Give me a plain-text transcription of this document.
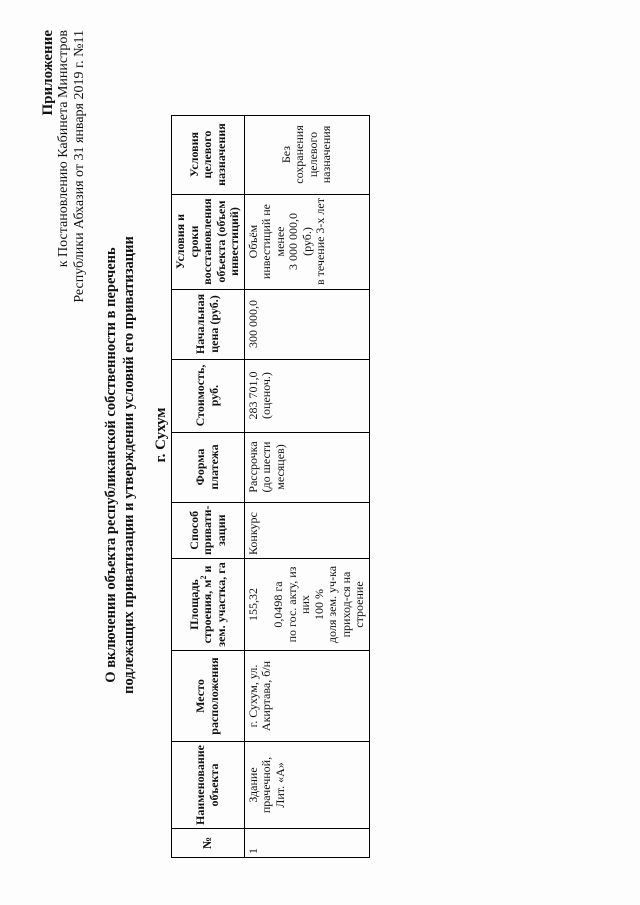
Приложение к Постановлению Кабинета Министров Республики Абхазия от 31 января 2019 г. №11
О включении объекта республиканской собственности в перечень подлежащих приватизации и утверждении условий его приватизации г. Сухум
№	Наименование объекта	Место расположения	Площадь строения, $м^2$ и зем. участка, га	Способ привати-зации	Форма платежа	Стоимость, руб.	Начальная цена (руб.)	Условия и сроки восстановления объекта (объем инвестиций)	Условия целевого назначения
1	Здание прачечной, Лит. «А»	г. Сухум, ул. Акиртава, б/н	155,32 0,0498 га по гос. акту, из них 100 % доля зем. уч-ка приход-ся на строение	Конкурс	Рассрочка (до шести месяцев)	283 701,0 (оценоч.)	300 000,0	Объём инвестиций не менее 3 000 000,0 (руб.) в течение 3-х лет	Без сохранения целевого назначения
